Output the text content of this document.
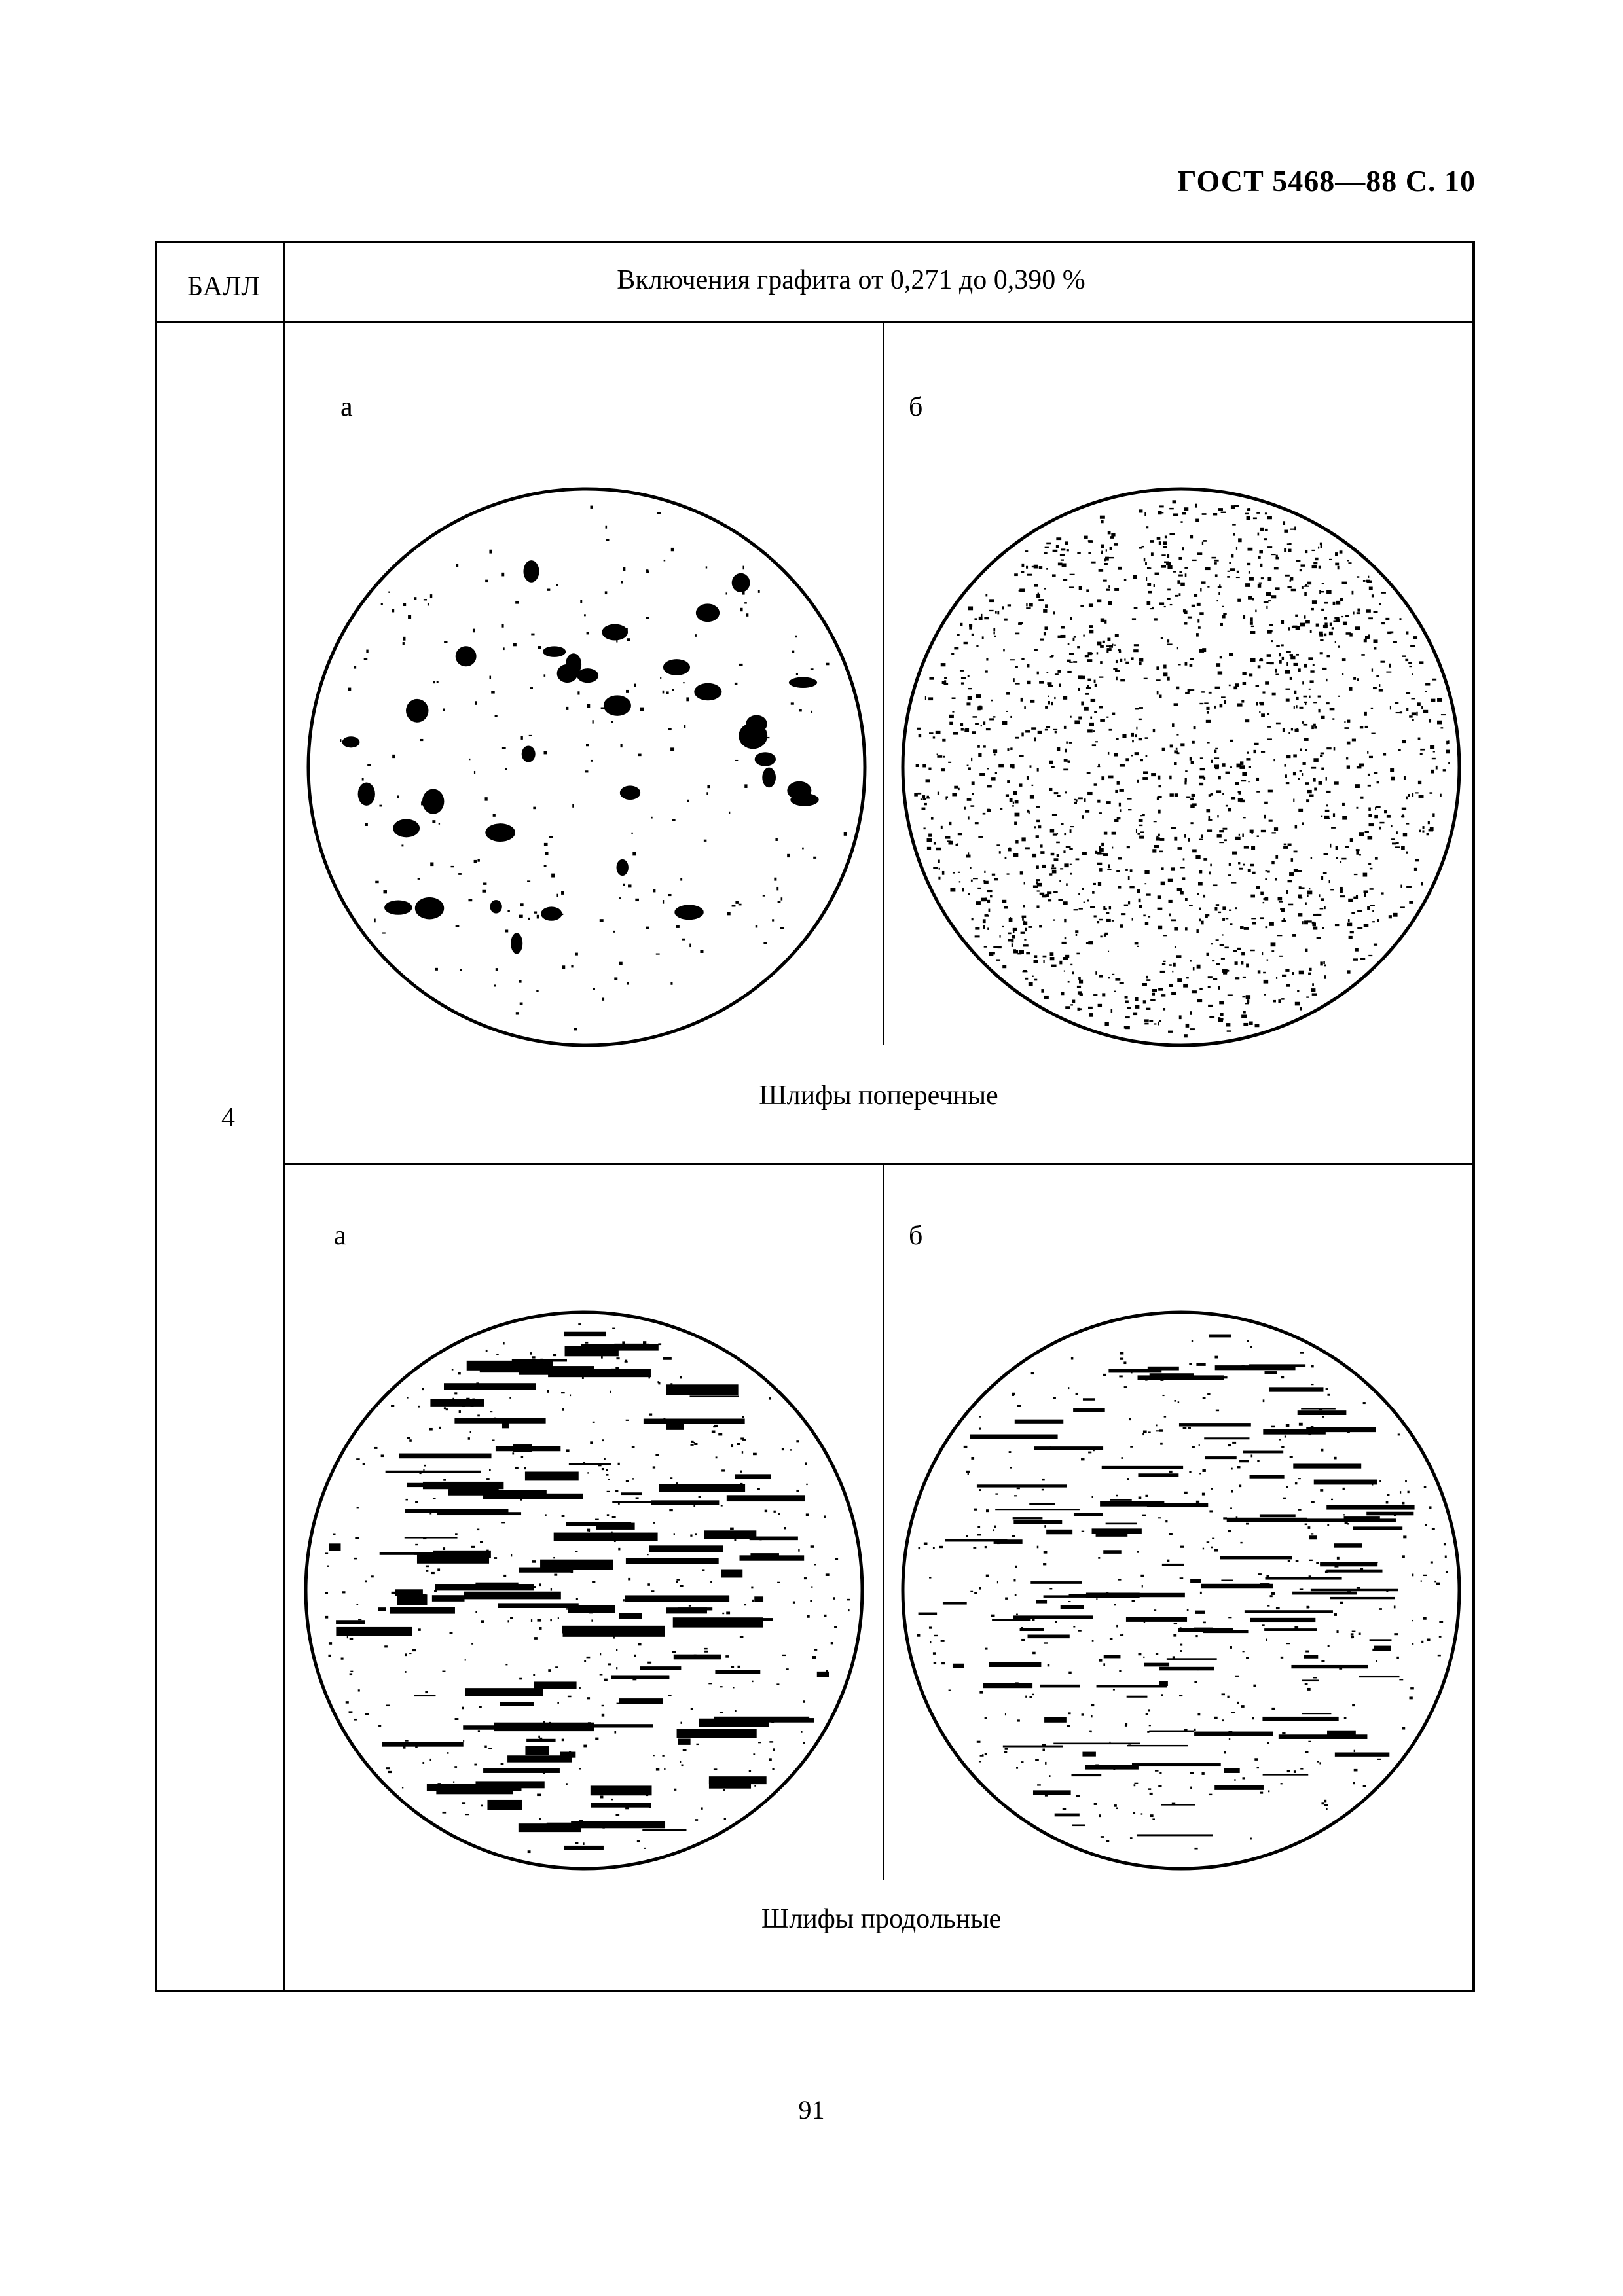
ГОСТ 5468—88 С. 10
БАЛЛ	Включения графита от 0,271 до 0,390 %
4
а	б
Шлифы поперечные
а	б
Шлифы продольные
91
